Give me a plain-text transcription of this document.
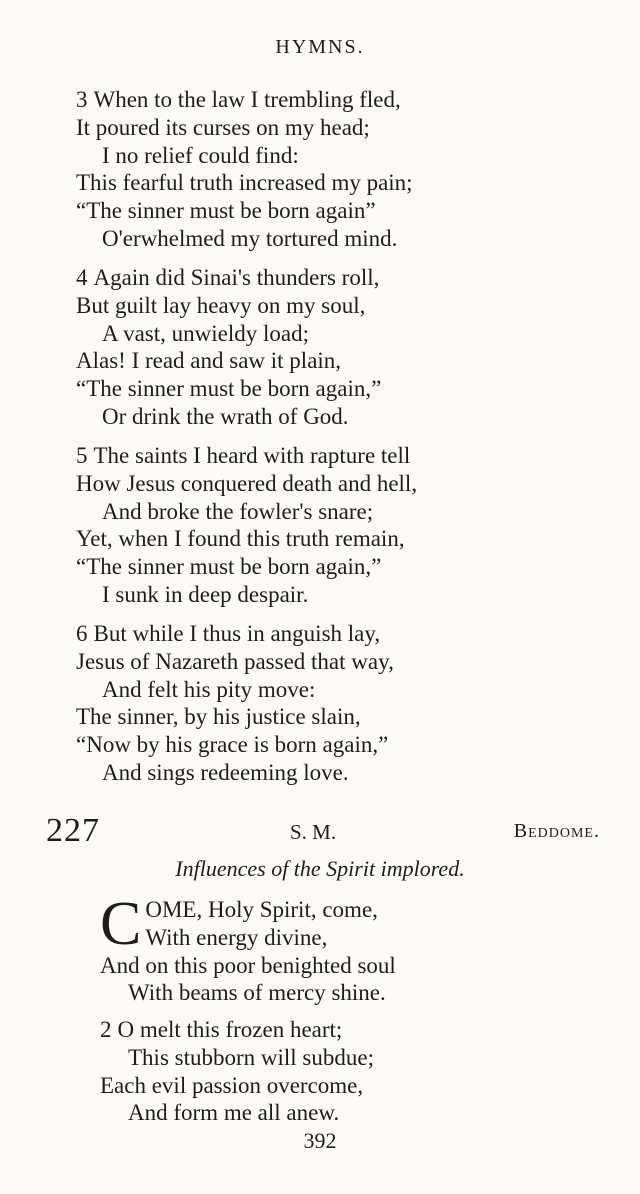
HYMNS.
3 When to the law I trembling fled,
It poured its curses on my head;
I no relief could find:
This fearful truth increased my pain;
“The sinner must be born again”
O'erwhelmed my tortured mind.
4 Again did Sinai's thunders roll,
But guilt lay heavy on my soul,
A vast, unwieldy load;
Alas! I read and saw it plain,
“The sinner must be born again,”
Or drink the wrath of God.
5 The saints I heard with rapture tell
How Jesus conquered death and hell,
And broke the fowler's snare;
Yet, when I found this truth remain,
“The sinner must be born again,”
I sunk in deep despair.
6 But while I thus in anguish lay,
Jesus of Nazareth passed that way,
And felt his pity move:
The sinner, by his justice slain,
“Now by his grace is born again,”
And sings redeeming love.
227	S. M.	Beddome.
Influences of the Spirit implored.
C OME, Holy Spirit, come,
With energy divine,
And on this poor benighted soul
With beams of mercy shine.
2 O melt this frozen heart;
This stubborn will subdue;
Each evil passion overcome,
And form me all anew.
392
